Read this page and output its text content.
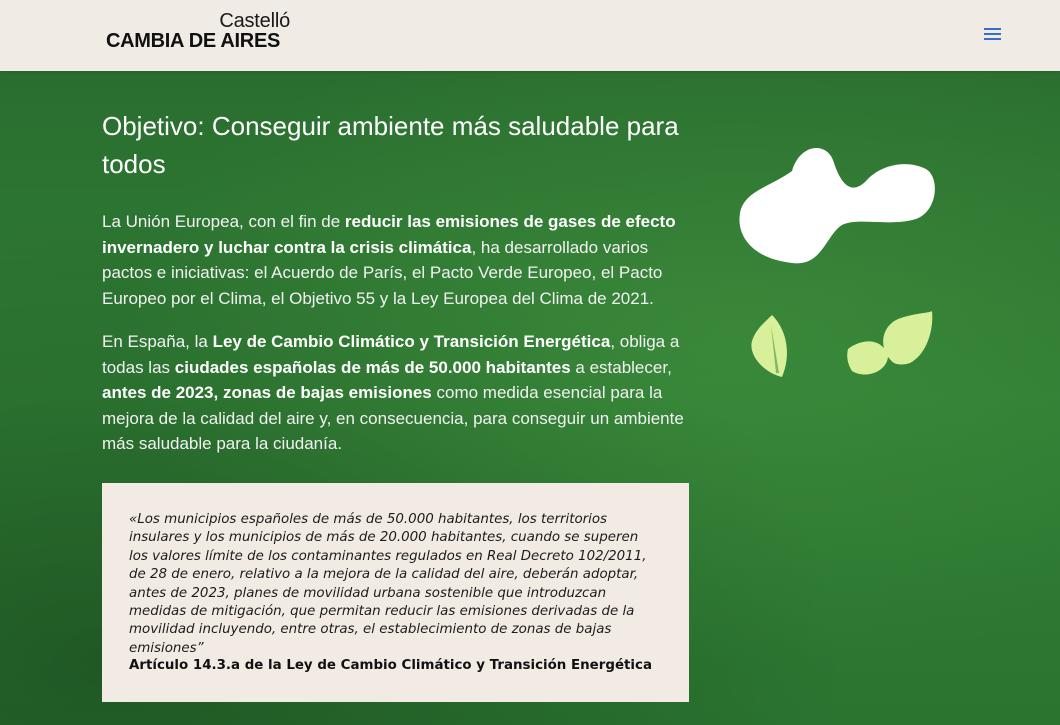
Castelló
CAMBIA DE AIRES
Objetivo: Conseguir ambiente más saludable para todos

La Unión Europea, con el fin de reducir las emisiones de gases de efecto invernadero y luchar contra la crisis climática, ha desarrollado varios pactos e iniciativas: el Acuerdo de París, el Pacto Verde Europeo, el Pacto Europeo por el Clima, el Objetivo 55 y la Ley Europea del Clima de 2021.

En España, la Ley de Cambio Climático y Transición Energética, obliga a todas las ciudades españolas de más de 50.000 habitantes a establecer, antes de 2023, zonas de bajas emisiones como medida esencial para la mejora de la calidad del aire y, en consecuencia, para conseguir un ambiente más saludable para la ciudanía.

«Los municipios españoles de más de 50.000 habitantes, los territorios insulares y los municipios de más de 20.000 habitantes, cuando se superen los valores límite de los contaminantes regulados en Real Decreto 102/2011, de 28 de enero, relativo a la mejora de la calidad del aire, deberán adoptar, antes de 2023, planes de movilidad urbana sostenible que introduzcan medidas de mitigación, que permitan reducir las emisiones derivadas de la movilidad incluyendo, entre otras, el establecimiento de zonas de bajas emisiones”

Artículo 14.3.a de la Ley de Cambio Climático y Transición Energética
